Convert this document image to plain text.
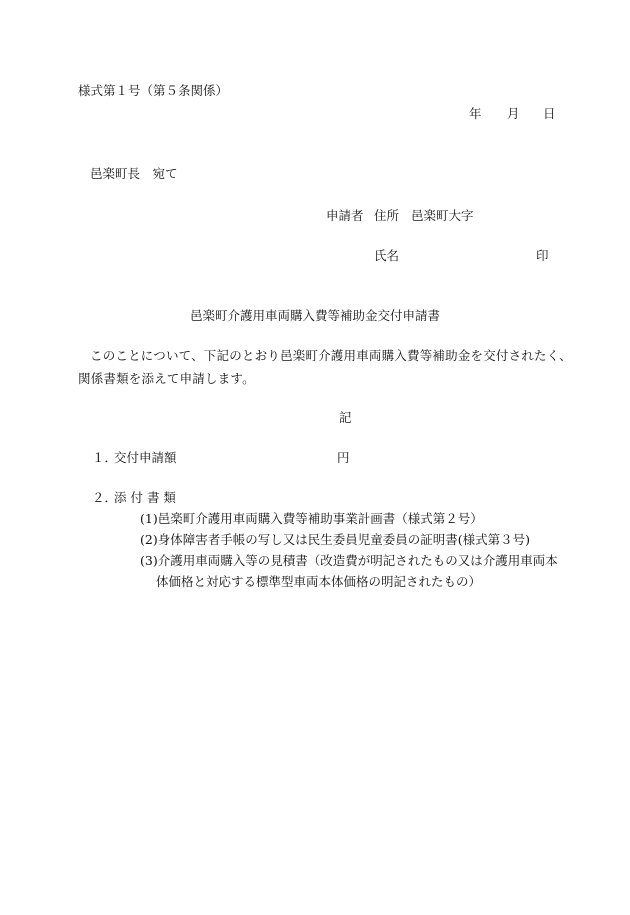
様式第１号（第５条関係）
年 月 日
邑楽町長　宛て
申請者 住所 邑楽町大字
氏名	印
邑楽町介護用車両購入費等補助金交付申請書
このことについて、下記のとおり邑楽町介護用車両購入費等補助金を交付されたく、
関係書類を添えて申請します。
記
１．
交付申請額	円
２．
添 付 書 類
(1)邑楽町介護用車両購入費等補助事業計画書（様式第２号）
(2)身体障害者手帳の写し又は民生委員児童委員の証明書(様式第３号)
(3)介護用車両購入等の見積書（改造費が明記されたもの又は介護用車両本
体価格と対応する標準型車両本体価格の明記されたもの）
